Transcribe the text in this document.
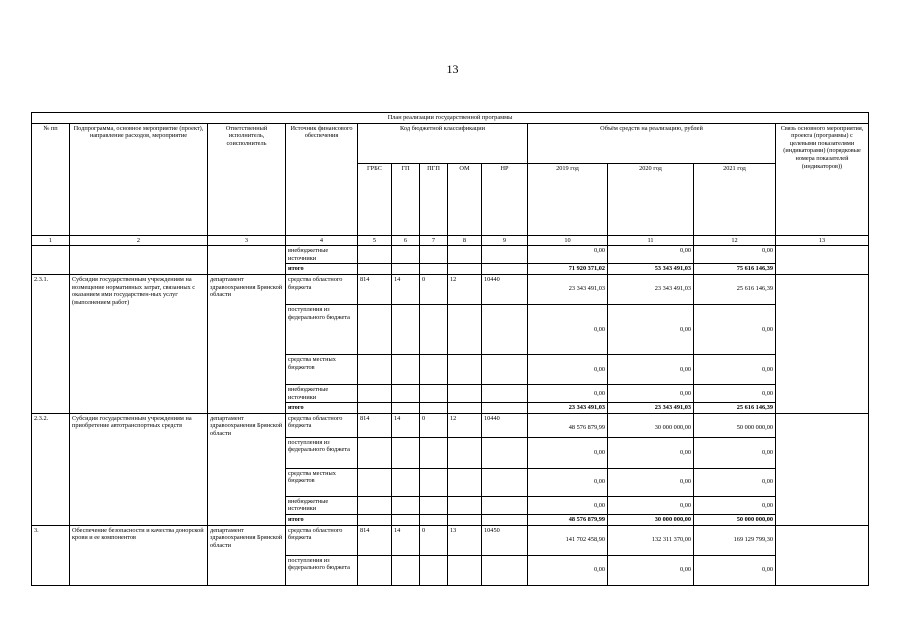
13
План реализации государственной программы												
№ пп	Подпрограмма, основное мероприятие (проект), направление расходов, мероприятие	Ответственный исполнитель, соисполнитель	Источник финансового обеспечения	Код бюджетной классификации					Объём средств на реализацию, рублей			Связь основного мероприятия, проекта (программы) с целевыми показателями (индикаторами) (порядковые номера показателей (индикаторов))
				ГРБС	ГП	ПГП	ОМ	НР	2019 год	2020 год	2021 год	
1	2	3	4	5	6	7	8	9	10	11	12	13
			внебюджетные источники						0,00	0,00	0,00	
			итого						71 920 371,02	53 343 491,03	75 616 146,39	
2.3.1.	Субсидия государственным учреждениям на возмещение нормативных затрат, связанных с оказанием ими государствен-ных услуг (выполнением работ)	департамент здравоохранения Брянской области	средства областного бюджета	814	14	0	12	10440	23 343 491,03	23 343 491,03	25 616 146,39	
			поступления из федерального бюджета						0,00	0,00	0,00	
			средства местных бюджетов						0,00	0,00	0,00	
			внебюджетные источники						0,00	0,00	0,00	
			итого						23 343 491,03	23 343 491,03	25 616 146,39	
2.3.2.	Субсидия государственным учреждениям на приобретение автотранспортных средств	департамент здравоохранения Брянской области	средства областного бюджета	814	14	0	12	10440	48 576 879,99	30 000 000,00	50 000 000,00	
			поступления из федерального бюджета						0,00	0,00	0,00	
			средства местных бюджетов						0,00	0,00	0,00	
			внебюджетные источники						0,00	0,00	0,00	
			итого						48 576 879,99	30 000 000,00	50 000 000,00	
3.	Обеспечение безопасности и качества донорской крови и ее компонентов	департамент здравоохранения Брянской области	средства областного бюджета	814	14	0	13	10450	141 702 458,90	132 311 370,00	169 129 799,30	
			поступления из федерального бюджета						0,00	0,00	0,00	
